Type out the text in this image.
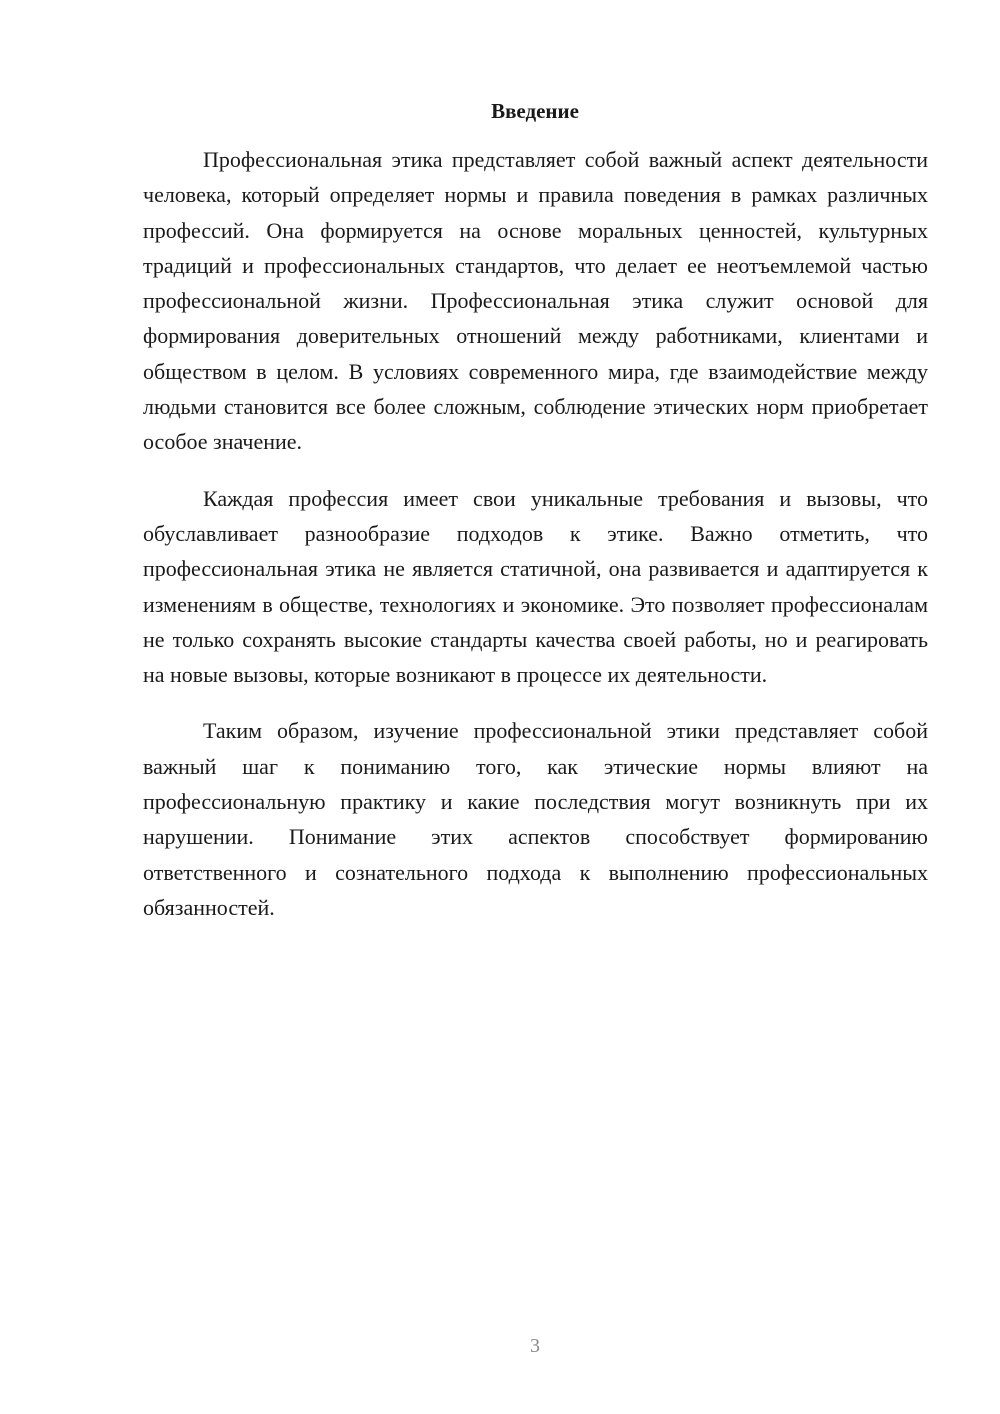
Введение

Профессиональная этика представляет собой важный аспект деятельности человека, который определяет нормы и правила поведения в рамках различных профессий. Она формируется на основе моральных ценностей, культурных традиций и профессиональных стандартов, что делает ее неотъемлемой частью профессиональной жизни. Профессиональная этика служит основой для формирования доверительных отношений между работниками, клиентами и обществом в целом. В условиях современного мира, где взаимодействие между людьми становится все более сложным, соблюдение этических норм приобретает особое значение.

Каждая профессия имеет свои уникальные требования и вызовы, что обуславливает разнообразие подходов к этике. Важно отметить, что профессиональная этика не является статичной, она развивается и адаптируется к изменениям в обществе, технологиях и экономике. Это позволяет профессионалам не только сохранять высокие стандарты качества своей работы, но и реагировать на новые вызовы, которые возникают в процессе их деятельности.

Таким образом, изучение профессиональной этики представляет собой важный шаг к пониманию того, как этические нормы влияют на профессиональную практику и какие последствия могут возникнуть при их нарушении. Понимание этих аспектов способствует формированию ответственного и сознательного подхода к выполнению профессиональных обязанностей.

3
